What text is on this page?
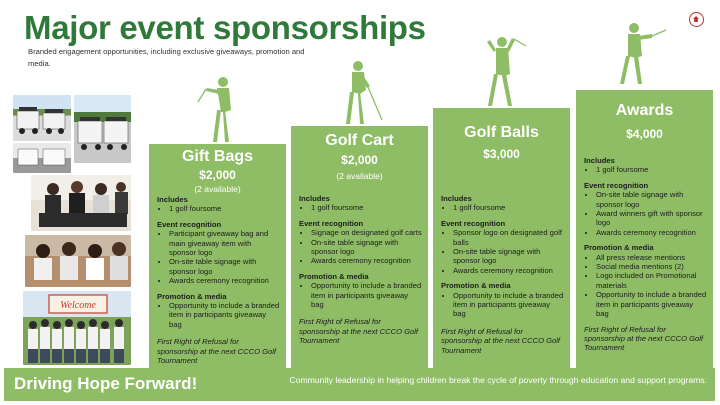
Major event sponsorships
Branded engagement opportunities, including exclusive giveaways, promotion and media.
Welcome
Gift Bags
$2,000
(2 available)

Includes

• 1 golf foursome

Event recognition

• Participant giveaway bag and main giveaway item with sponsor logo
• On-site table signage with sponsor logo
• Awards ceremony recognition

Promotion & media

• Opportunity to include a branded item in participants giveaway bag
First Right of Refusal for sponsorship at the next CCCO Golf Tournament
Golf Cart
$2,000
(2 available)

Includes

• 1 golf foursome

Event recognition

• Signage on designated golf carts
• On-site table signage with sponsor logo
• Awards ceremony recognition

Promotion & media

• Opportunity to include a branded item in participants giveaway bag
First Right of Refusal for sponsorship at the next CCCO Golf Tournament
Golf Balls
$3,000

Includes

• 1 golf foursome

Event recognition

• Sponsor logo on designated golf balls
• On-site table signage with sponsor logo
• Awards ceremony recognition

Promotion & media

• Opportunity to include a branded item in participants giveaway bag
First Right of Refusal for sponsorship at the next CCCO Golf Tournament
Awards
$4,000

Includes

• 1 golf foursome

Event recognition

• On-site table signage with sponsor logo
• Award winners gift with sponsor logo
• Awards ceremony recognition

Promotion & media

• All press release mentions
• Social media mentions (2)
• Logo included on Promotional materials
• Opportunity to include a branded item in participants giveaway bag
First Right of Refusal for sponsorship at the next CCCO Golf Tournament
Driving Hope Forward!	Community leadership in helping children break the cycle of poverty through education and support programs.
